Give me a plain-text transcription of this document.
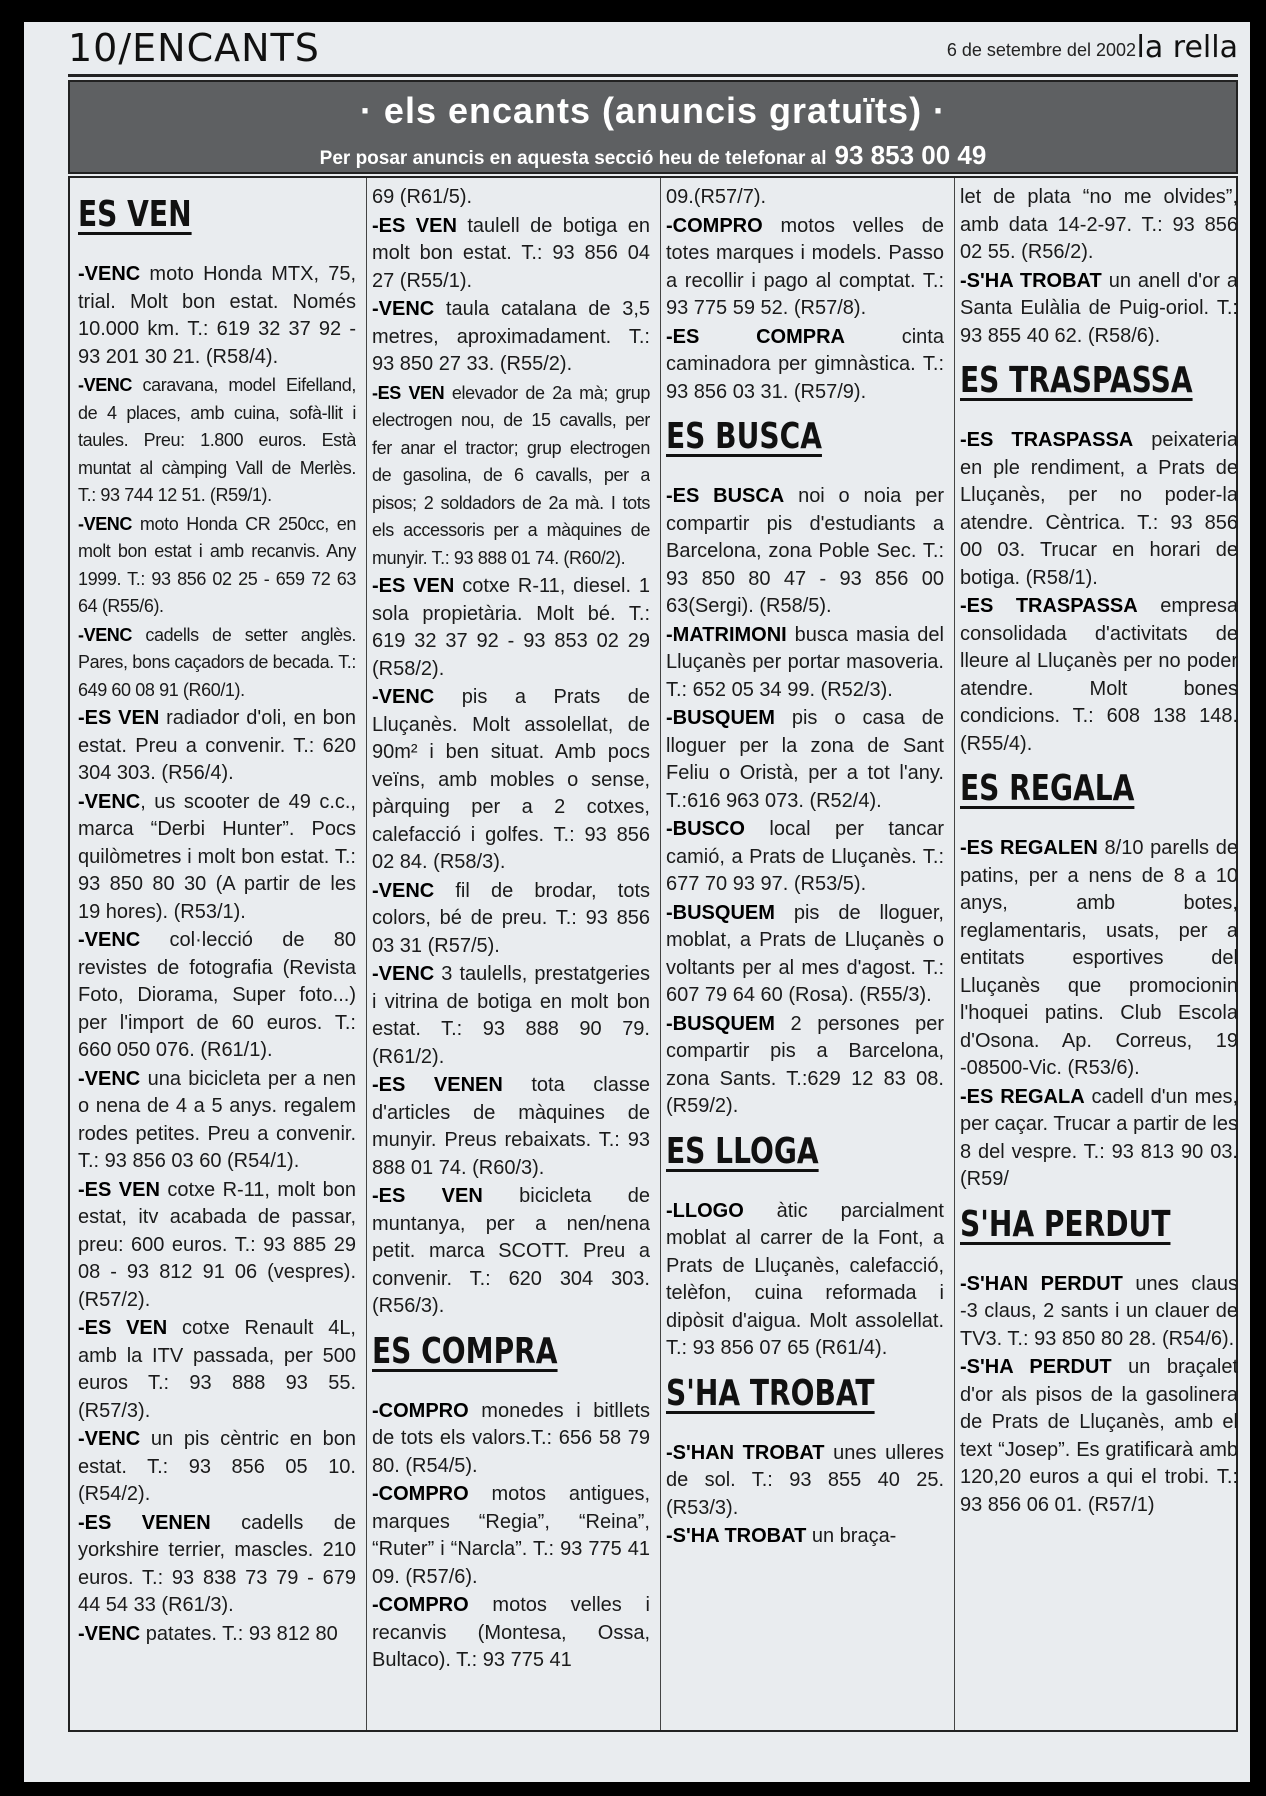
10/ENCANTS	6 de setembre del 2002 la rella
· els encants (anuncis gratuïts) ·
Per posar anuncis en aquesta secció heu de telefonar al 93 853 00 49
ES VEN
-VENC moto Honda MTX, 75, trial. Molt bon estat. Només 10.000 km. T.: 619 32 37 92 - 93 201 30 21. (R58/4).
-VENC caravana, model Eifelland, de 4 places, amb cuina, sofà-llit i taules. Preu: 1.800 euros. Està muntat al càmping Vall de Merlès. T.: 93 744 12 51. (R59/1).
-VENC moto Honda CR 250cc, en molt bon estat i amb recanvis. Any 1999. T.: 93 856 02 25 - 659 72 63 64 (R55/6).
-VENC cadells de setter anglès. Pares, bons caçadors de becada. T.: 649 60 08 91 (R60/1).
-ES VEN radiador d'oli, en bon estat. Preu a convenir. T.: 620 304 303. (R56/4).
-VENC, us scooter de 49 c.c., marca “Derbi Hunter”. Pocs quilòmetres i molt bon estat. T.: 93 850 80 30 (A partir de les 19 hores). (R53/1).
-VENC col·lecció de 80 revistes de fotografia (Revista Foto, Diorama, Super foto...) per l'import de 60 euros. T.: 660 050 076. (R61/1).
-VENC una bicicleta per a nen o nena de 4 a 5 anys. regalem rodes petites. Preu a convenir. T.: 93 856 03 60 (R54/1).
-ES VEN cotxe R-11, molt bon estat, itv acabada de passar, preu: 600 euros. T.: 93 885 29 08 - 93 812 91 06 (vespres). (R57/2).
-ES VEN cotxe Renault 4L, amb la ITV passada, per 500 euros T.: 93 888 93 55. (R57/3).
-VENC un pis cèntric en bon estat. T.: 93 856 05 10. (R54/2).
-ES VENEN cadells de yorkshire terrier, mascles. 210 euros. T.: 93 838 73 79 - 679 44 54 33 (R61/3).
-VENC patates. T.: 93 812 80
69 (R61/5).
-ES VEN taulell de botiga en molt bon estat. T.: 93 856 04 27 (R55/1).
-VENC taula catalana de 3,5 metres, aproximadament. T.: 93 850 27 33. (R55/2).
-ES VEN elevador de 2a mà; grup electrogen nou, de 15 cavalls, per fer anar el tractor; grup electrogen de gasolina, de 6 cavalls, per a pisos; 2 soldadors de 2a mà. I tots els accessoris per a màquines de munyir. T.: 93 888 01 74. (R60/2).
-ES VEN cotxe R-11, diesel. 1 sola propietària. Molt bé. T.: 619 32 37 92 - 93 853 02 29 (R58/2).
-VENC pis a Prats de Lluçanès. Molt assolellat, de 90m² i ben situat. Amb pocs veïns, amb mobles o sense, pàrquing per a 2 cotxes, calefacció i golfes. T.: 93 856 02 84. (R58/3).
-VENC fil de brodar, tots colors, bé de preu. T.: 93 856 03 31 (R57/5).
-VENC 3 taulells, prestatgeries i vitrina de botiga en molt bon estat. T.: 93 888 90 79. (R61/2).
-ES VENEN tota classe d'articles de màquines de munyir. Preus rebaixats. T.: 93 888 01 74. (R60/3).
-ES VEN bicicleta de muntanya, per a nen/nena petit. marca SCOTT. Preu a convenir. T.: 620 304 303. (R56/3).
ES COMPRA
-COMPRO monedes i bitllets de tots els valors.T.: 656 58 79 80. (R54/5).
-COMPRO motos antigues, marques “Regia”, “Reina”, “Ruter” i “Narcla”. T.: 93 775 41 09. (R57/6).
-COMPRO motos velles i recanvis (Montesa, Ossa, Bultaco). T.: 93 775 41
09.(R57/7).
-COMPRO motos velles de totes marques i models. Passo a recollir i pago al comptat. T.: 93 775 59 52. (R57/8).
-ES COMPRA cinta caminadora per gimnàstica. T.: 93 856 03 31. (R57/9).
ES BUSCA
-ES BUSCA noi o noia per compartir pis d'estudiants a Barcelona, zona Poble Sec. T.: 93 850 80 47 - 93 856 00 63(Sergi). (R58/5).
-MATRIMONI busca masia del Lluçanès per portar masoveria. T.: 652 05 34 99. (R52/3).
-BUSQUEM pis o casa de lloguer per la zona de Sant Feliu o Oristà, per a tot l'any. T.:616 963 073. (R52/4).
-BUSCO local per tancar camió, a Prats de Lluçanès. T.: 677 70 93 97. (R53/5).
-BUSQUEM pis de lloguer, moblat, a Prats de Lluçanès o voltants per al mes d'agost. T.: 607 79 64 60 (Rosa). (R55/3).
-BUSQUEM 2 persones per compartir pis a Barcelona, zona Sants. T.:629 12 83 08. (R59/2).
ES LLOGA
-LLOGO àtic parcialment moblat al carrer de la Font, a Prats de Lluçanès, calefacció, telèfon, cuina reformada i dipòsit d'aigua. Molt assolellat. T.: 93 856 07 65 (R61/4).
S'HA TROBAT
-S'HAN TROBAT unes ulleres de sol. T.: 93 855 40 25. (R53/3).
-S'HA TROBAT un braça-
let de plata “no me olvides”, amb data 14-2-97. T.: 93 856 02 55. (R56/2).
-S'HA TROBAT un anell d'or a Santa Eulàlia de Puig-oriol. T.: 93 855 40 62. (R58/6).
ES TRASPASSA
-ES TRASPASSA peixateria en ple rendiment, a Prats de Lluçanès, per no poder-la atendre. Cèntrica. T.: 93 856 00 03. Trucar en horari de botiga. (R58/1).
-ES TRASPASSA empresa consolidada d'activitats de lleure al Lluçanès per no poder atendre. Molt bones condicions. T.: 608 138 148. (R55/4).
ES REGALA
-ES REGALEN 8/10 parells de patins, per a nens de 8 a 10 anys, amb botes, reglamentaris, usats, per a entitats esportives del Lluçanès que promocionin l'hoquei patins. Club Escola d'Osona. Ap. Correus, 19 -08500-Vic. (R53/6).
-ES REGALA cadell d'un mes, per caçar. Trucar a partir de les 8 del vespre. T.: 93 813 90 03. (R59/
S'HA PERDUT
-S'HAN PERDUT unes claus -3 claus, 2 sants i un clauer de TV3. T.: 93 850 80 28. (R54/6).
-S'HA PERDUT un braçalet d'or als pisos de la gasolinera de Prats de Lluçanès, amb el text “Josep”. Es gratificarà amb 120,20 euros a qui el trobi. T.: 93 856 06 01. (R57/1)
